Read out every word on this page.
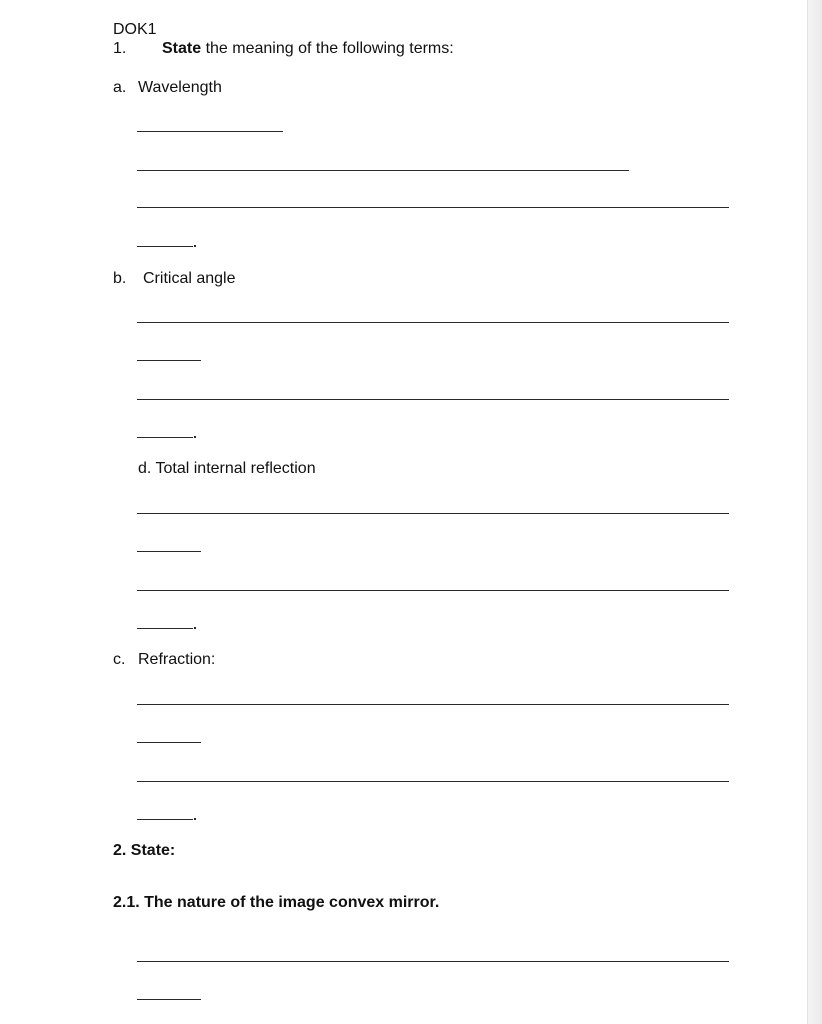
DOK1
1. State the meaning of the following terms:
a. Wavelength
b. Critical angle
d. Total internal reflection
c. Refraction:
2. State:
2.1. The nature of the image convex mirror.
